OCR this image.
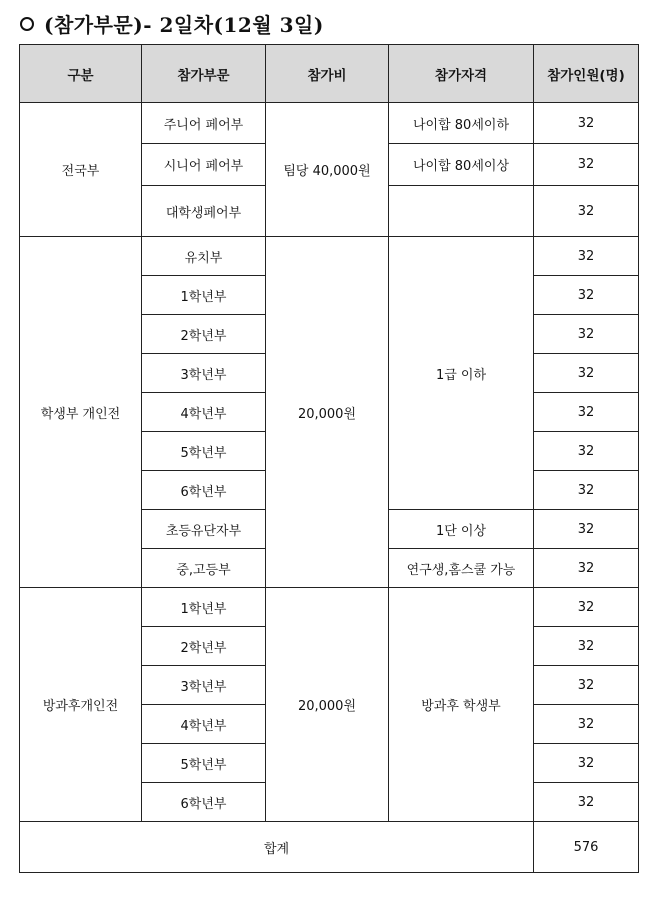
(참가부문)- 2일차(12월 3일)
구분	참가부문	참가비	참가자격	참가인원(명)
전국부	주니어 페어부	팀당 40,000원	나이합 80세이하	32
	시니어 페어부		나이합 80세이상	32
	대학생페어부			32
학생부 개인전	유치부	20,000원	1급 이하	32
	1학년부			32
	2학년부			32
	3학년부			32
	4학년부			32
	5학년부			32
	6학년부			32
	초등유단자부		1단 이상	32
	중,고등부		연구생,홈스쿨 가능	32
방과후개인전	1학년부	20,000원	방과후 학생부	32
	2학년부			32
	3학년부			32
	4학년부			32
	5학년부			32
	6학년부			32
합계				576
